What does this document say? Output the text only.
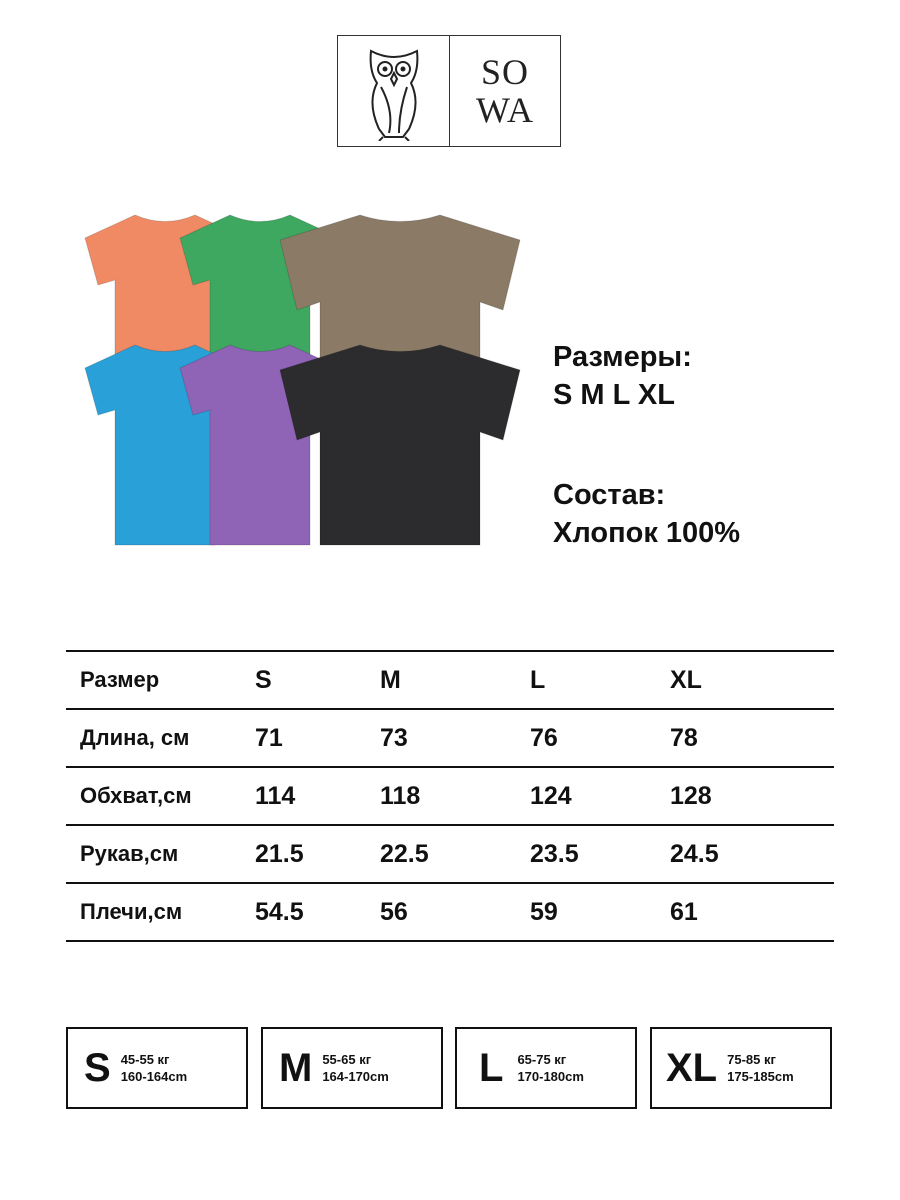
SO
WA
Размеры:
S M L XL
Состав:
Хлопок 100%
Размер	S	M	L	XL
Длина, см	71	73	76	78
Обхват,см	114	118	124	128
Рукав,см	21.5	22.5	23.5	24.5
Плечи,см	54.5	56	59	61
S 45-55 кг
160-164cm M 55-65 кг
164-170cm L 65-75 кг
170-180cm XL 75-85 кг
175-185cm
